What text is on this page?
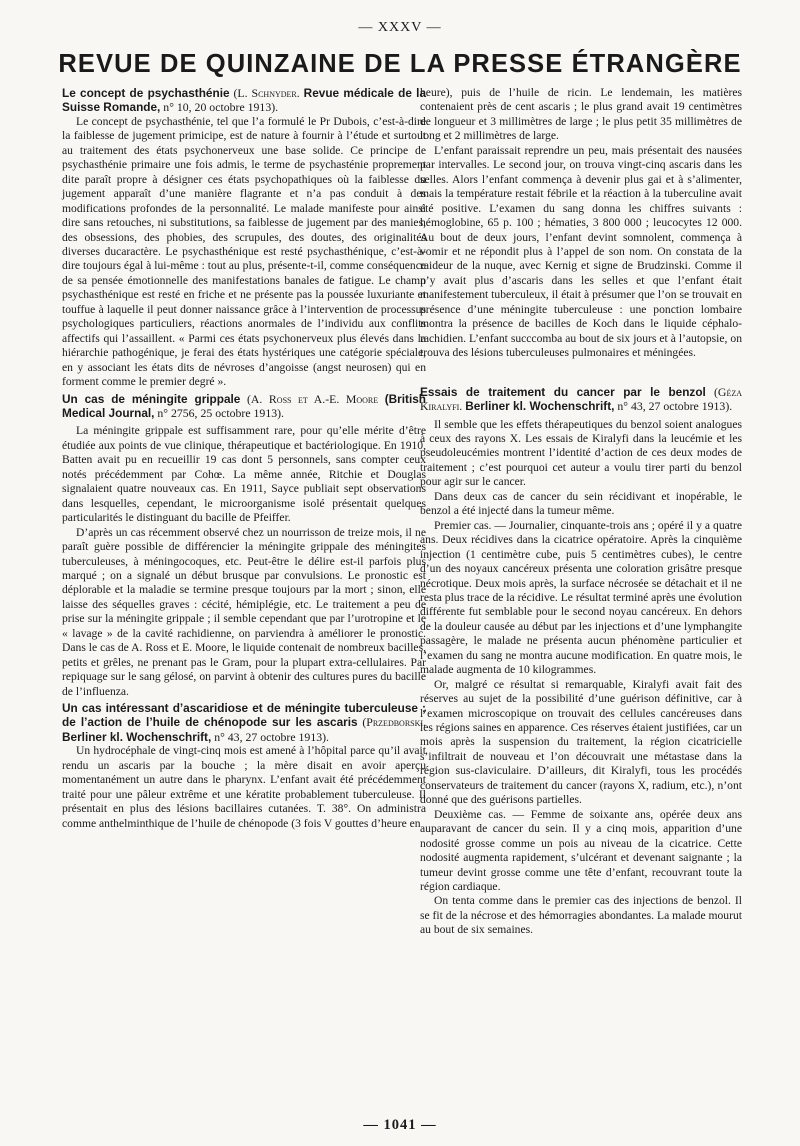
— XXXV —
REVUE DE QUINZAINE DE LA PRESSE ÉTRANGÈRE
Le concept de psychasthénie (L. Schnyder. Revue médicale de la Suisse Romande, n° 10, 20 octobre 1913).

Le concept de psychasthénie, tel que l’a formulé le Pr Dubois, c’est-à-dire la faiblesse de jugement primicipe, est de nature à fournir à l’étude et surtout au traitement des états psychonerveux une base solide. Ce principe de psychasthénie primaire une fois admis, le terme de psychasténie proprement dite paraît propre à désigner ces états psychopathiques où la faiblesse du jugement apparaît d’une manière flagrante et n’a pas conduit à des modifications profondes de la personnalité. Le malade manifeste pour ainsi dire sans retouches, ni substitutions, sa faiblesse de jugement par des manies, des obsessions, des phobies, des scrupules, des doutes, des originalités diverses ducaractère. Le psychasthénique est resté psychasthénique, c’est-à-dire toujours égal à lui-même : tout au plus, présente-t-il, comme conséquence de sa pensée émotionnelle des manifestations banales de fatigue. Le champ psychasthénique est resté en friche et ne présente pas la poussée luxuriante et touffue à laquelle il peut donner naissance grâce à l’intervention de processus psychologiques particuliers, réactions anormales de l’individu aux conflits affectifs qui l’assaillent. « Parmi ces états psychonerveux plus élevés dans la hiérarchie pathogénique, je ferai des états hystériques une catégorie spéciale, en y associant les états dits de névroses d’angoisse (angst neurosen) qui en forment comme le premier degré ».

Un cas de méningite grippale (A. Ross et A.-E. Moore (British Medical Journal, n° 2756, 25 octobre 1913).

La méningite grippale est suffisamment rare, pour qu’elle mérite d’être étudiée aux points de vue clinique, thérapeutique et bactériologique. En 1910, Batten avait pu en recueillir 19 cas dont 5 personnels, sans compter ceux notés précédemment par Cohœ. La même année, Ritchie et Douglas signalaient quatre nouveaux cas. En 1911, Sayce publiait sept observations dans lesquelles, cependant, le microorganisme isolé présentait quelques particularités le distinguant du bacille de Pfeiffer.

D’après un cas récemment observé chez un nourrisson de treize mois, il ne paraît guère possible de différencier la méningite grippale des méningites tuberculeuses, à méningocoques, etc. Peut-être le délire est-il parfois plus marqué ; on a signalé un début brusque par convulsions. Le pronostic est déplorable et la maladie se termine presque toujours par la mort ; sinon, elle laisse des séquelles graves : cécité, hémiplégie, etc. Le traitement a peu de prise sur la méningite grippale ; il semble cependant que par l’urotropine et le « lavage » de la cavité rachidienne, on parviendra à améliorer le pronostic. Dans le cas de A. Ross et E. Moore, le liquide contenait de nombreux bacilles, petits et grêles, ne prenant pas le Gram, pour la plupart extra-cellulaires. Par repiquage sur le sang gélosé, on parvint à obtenir des cultures pures du bacille de l’influenza.

Un cas intéressant d’ascaridiose et de méningite tuberculeuse ; de l’action de l’huile de chénopode sur les ascaris (Przedborski. Berliner kl. Wochenschrift, n° 43, 27 octobre 1913).

Un hydrocéphale de vingt-cinq mois est amené à l’hôpital parce qu’il avait rendu un ascaris par la bouche ; la mère disait en avoir aperçu momentanément un autre dans le pharynx. L’enfant avait été précédemment traité pour une pâleur extrême et une kératite probablement tuberculeuse. Il présentait en plus des lésions bacillaires cutanées. T. 38°. On administra comme anthelminthique de l’huile de chénopode (3 fois V gouttes d’heure en

heure), puis de l’huile de ricin. Le lendemain, les matières contenaient près de cent ascaris ; le plus grand avait 19 centimètres de longueur et 3 millimètres de large ; le plus petit 35 millimètres de long et 2 millimètres de large.

L’enfant paraissait reprendre un peu, mais présentait des nausées par intervalles. Le second jour, on trouva vingt-cinq ascaris dans les selles. Alors l’enfant commença à devenir plus gai et à s’alimenter, mais la température restait fébrile et la réaction à la tuberculine avait été positive. L’examen du sang donna les chiffres suivants : hémoglobine, 65 p. 100 ; hématies, 3 800 000 ; leucocytes 12 000. Au bout de deux jours, l’enfant devint somnolent, commença à vomir et ne répondit plus à l’appel de son nom. On constata de la raideur de la nuque, avec Kernig et signe de Brudzinski. Comme il n’y avait plus d’ascaris dans les selles et que l’enfant était manifestement tuberculeux, il était à présumer que l’on se trouvait en présence d’une méningite tuberculeuse : une ponction lombaire montra la présence de bacilles de Koch dans le liquide céphalo-rachidien. L’enfant succcomba au bout de six jours et à l’autopsie, on trouva des lésions tuberculeuses pulmonaires et méningées.

Essais de traitement du cancer par le benzol (Géza Kiralyfi. Berliner kl. Wochenschrift, n° 43, 27 octobre 1913).

Il semble que les effets thérapeutiques du benzol soient analogues à ceux des rayons X. Les essais de Kiralyfi dans la leucémie et les pseudoleucémies montrent l’identité d’action de ces deux modes de traitement ; c’est pourquoi cet auteur a voulu tirer parti du benzol pour agir sur le cancer.

Dans deux cas de cancer du sein récidivant et inopérable, le benzol a été injecté dans la tumeur même.

Premier cas. — Journalier, cinquante-trois ans ; opéré il y a quatre ans. Deux récidives dans la cicatrice opératoire. Après la cinquième injection (1 centimètre cube, puis 5 centimètres cubes), le centre d’un des noyaux cancéreux présenta une coloration grisâtre presque nécrotique. Deux mois après, la surface nécrosée se détachait et il ne resta plus trace de la récidive. Le résultat terminé après une évolution différente fut semblable pour le second noyau cancéreux. En dehors de la douleur causée au début par les injections et d’une lymphangite passagère, le malade ne présenta aucun phénomène particulier et l’examen du sang ne montra aucune modification. En quatre mois, le malade augmenta de 10 kilogrammes.

Or, malgré ce résultat si remarquable, Kiralyfi avait fait des réserves au sujet de la possibilité d’une guérison définitive, car à l’examen microscopique on trouvait des cellules cancéreuses dans les régions saines en apparence. Ces réserves étaient justifiées, car un mois après la suspension du traitement, la région cicatricielle s’infiltrait de nouveau et l’on découvrait une métastase dans la région sus-claviculaire. D’ailleurs, dit Kiralyfi, tous les procédés conservateurs de traitement du cancer (rayons X, radium, etc.), n’ont donné que des guérisons partielles.

Deuxième cas. — Femme de soixante ans, opérée deux ans auparavant de cancer du sein. Il y a cinq mois, apparition d’une nodosité grosse comme un pois au niveau de la cicatrice. Cette nodosité augmenta rapidement, s’ulcérant et devenant saignante ; la tumeur devint grosse comme une tête d’enfant, recouvrant toute la région cardiaque.

On tenta comme dans le premier cas des injections de benzol. Il se fit de la nécrose et des hémorragies abondantes. La malade mourut au bout de six semaines.

— 1041 —
